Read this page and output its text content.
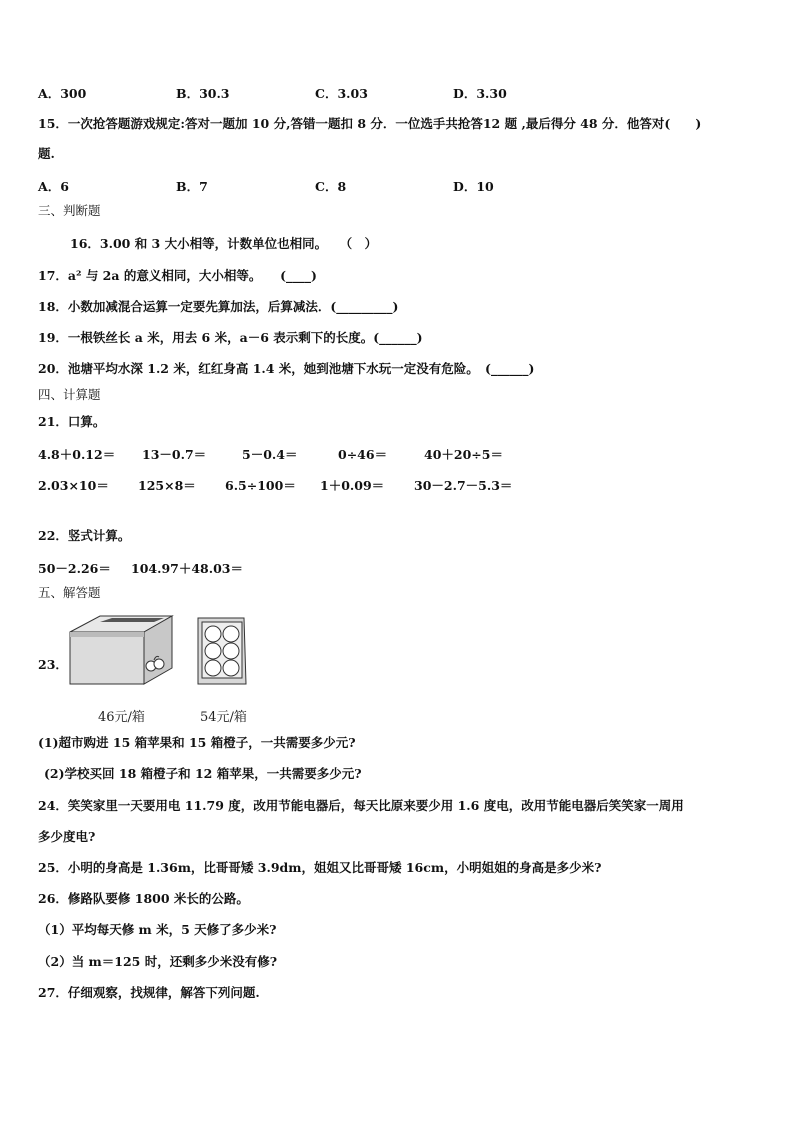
A．300	B．30.3	C．3.03	D．3.30
15．一次抢答题游戏规定:答对一题加 10 分,答错一题扣 8 分．一位选手共抢答12 题 ,最后得分 48 分．他答对(　　)
题.
A．6	B．7	C．8	D．10
三、判断题
16．3.00 和 3 大小相等，计数单位也相同。　　（　）
17．a² 与 2a 的意义相同，大小相等。　　(____)
18．小数加减混合运算一定要先算加法，后算减法．(_________)
19．一根铁丝长 a 米，用去 6 米，a－6 表示剩下的长度。(______)
20．池塘平均水深 1.2 米，红红身高 1.4 米，她到池塘下水玩一定没有危险。　(______)
四、计算题
21．口算。
4.8＋0.12＝ 13－0.7＝	5－0.4＝	0÷46＝	40＋20÷5＝
2.03×10＝ 125×8＝ 6.5÷100＝ 1＋0.09＝ 30－2.7－5.3＝
22．竖式计算。
50－2.26＝ 104.97＋48.03＝
五、解答题
23．
46元/箱	54元/箱
(1)超市购进 15 箱苹果和 15 箱橙子，一共需要多少元?
(2)学校买回 18 箱橙子和 12 箱苹果，一共需要多少元?
24．笑笑家里一天要用电 11.79 度，改用节能电器后，每天比原来要少用 1.6 度电，改用节能电器后笑笑家一周用
多少度电?
25．小明的身高是 1.36m，比哥哥矮 3.9dm，姐姐又比哥哥矮 16cm，小明姐姐的身高是多少米?
26．修路队要修 1800 米长的公路。
（1）平均每天修 m 米，5 天修了多少米?
（2）当 m＝125 时，还剩多少米没有修?
27．仔细观察，找规律，解答下列问题.
